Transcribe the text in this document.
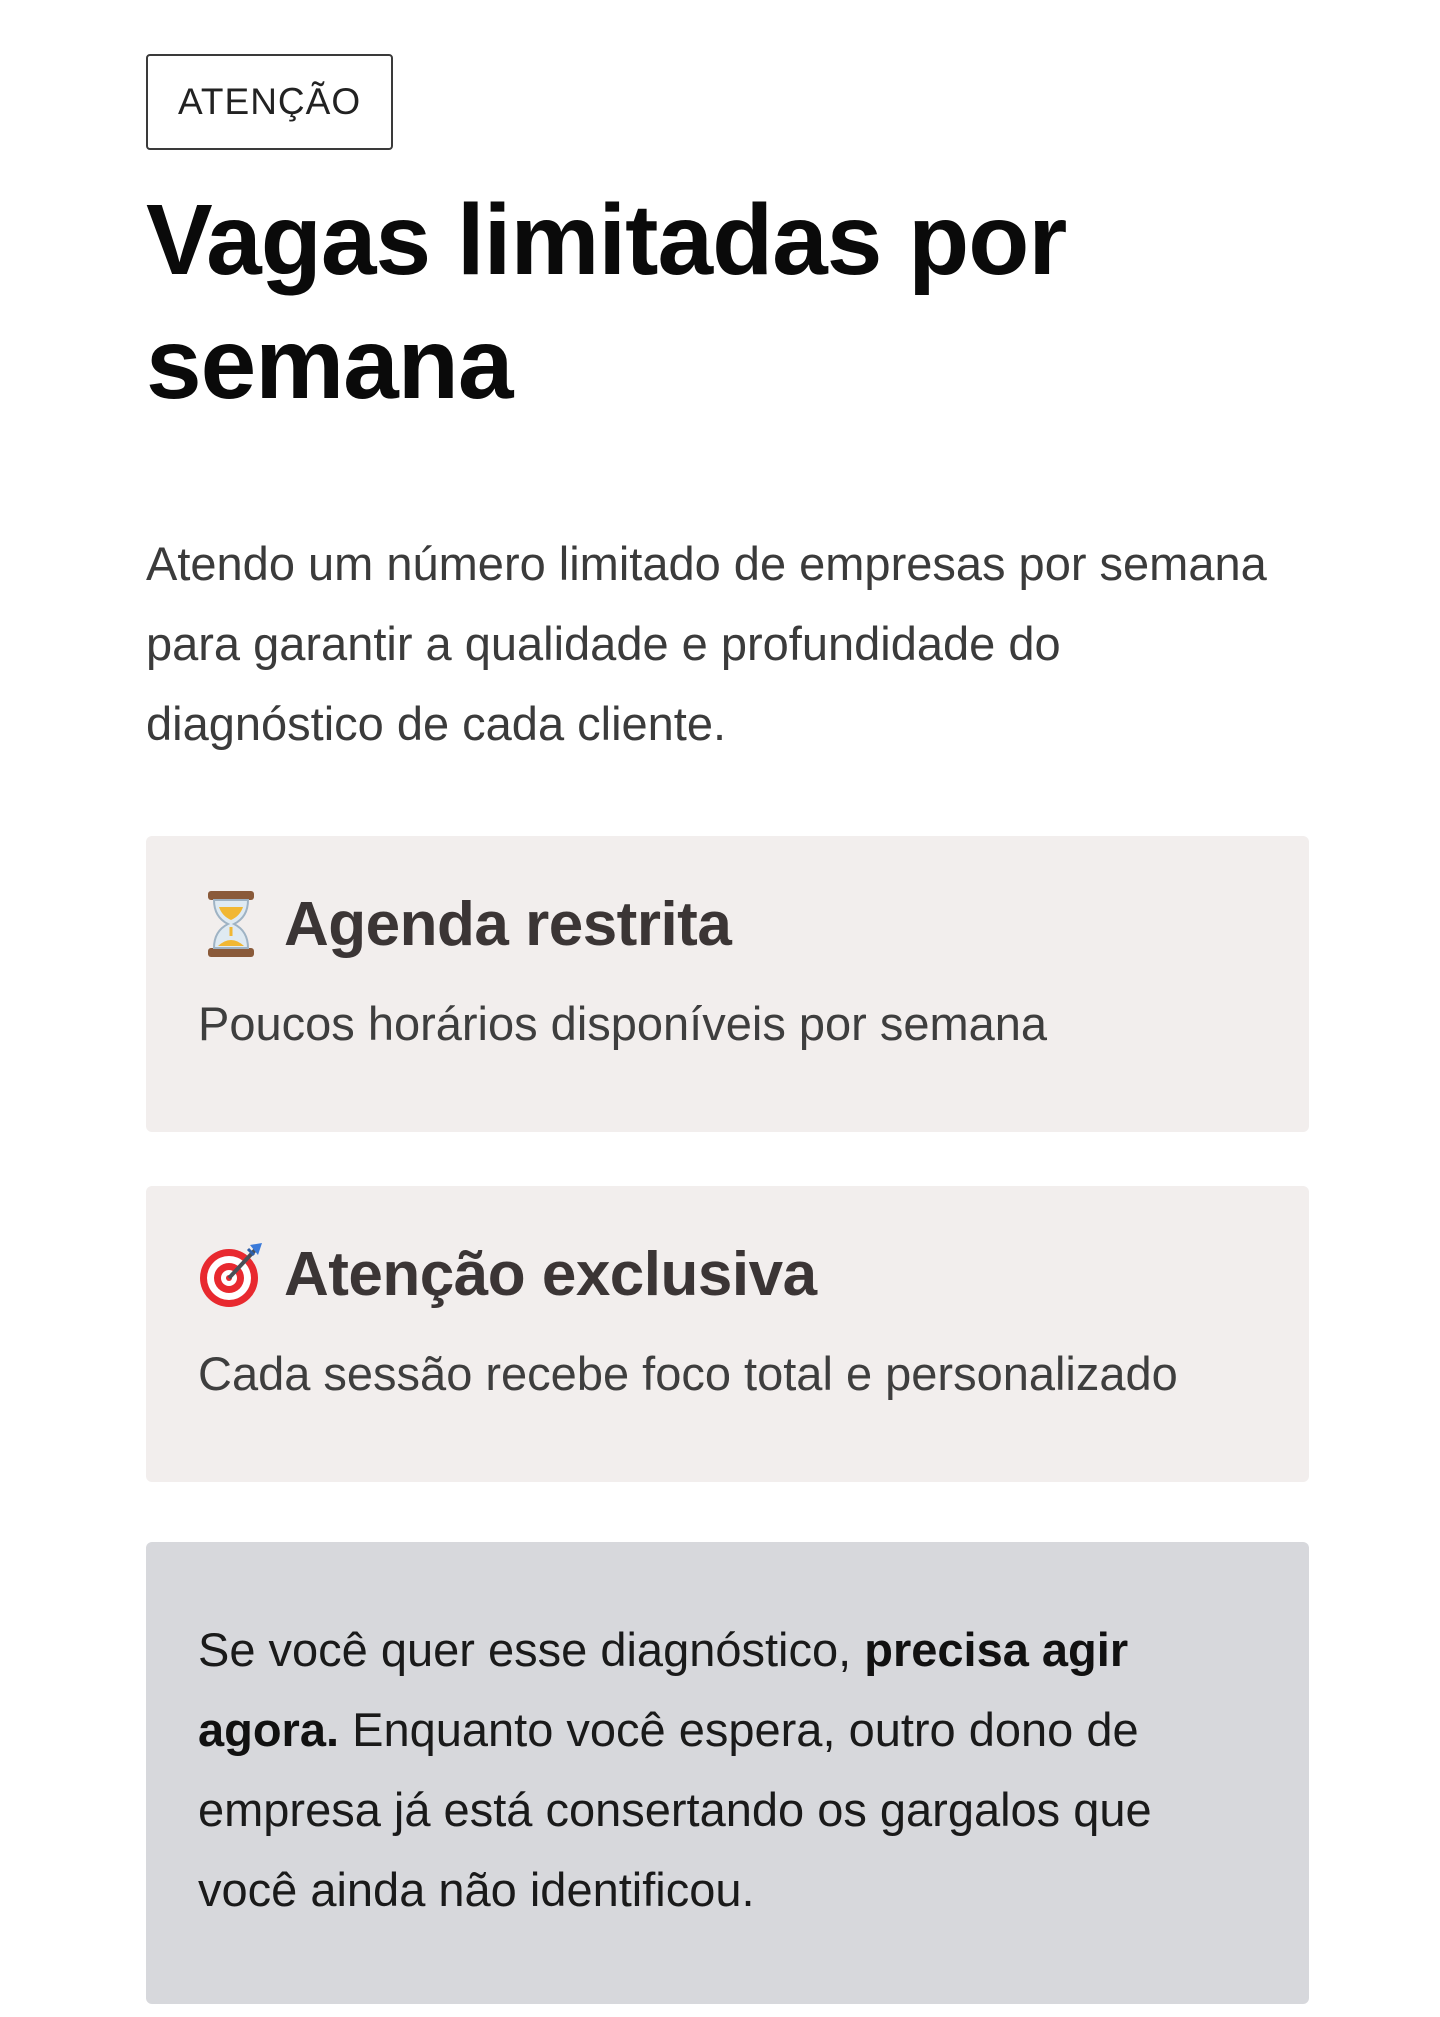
ATENÇÃO
Vagas limitadas por semana

Atendo um número limitado de empresas por semana para garantir a qualidade e profundidade do diagnóstico de cada cliente.

Agenda restrita
Poucos horários disponíveis por semana
Atenção exclusiva
Cada sessão recebe foco total e personalizado
Se você quer esse diagnóstico, precisa agir agora. Enquanto você espera, outro dono de empresa já está consertando os gargalos que você ainda não identificou.
